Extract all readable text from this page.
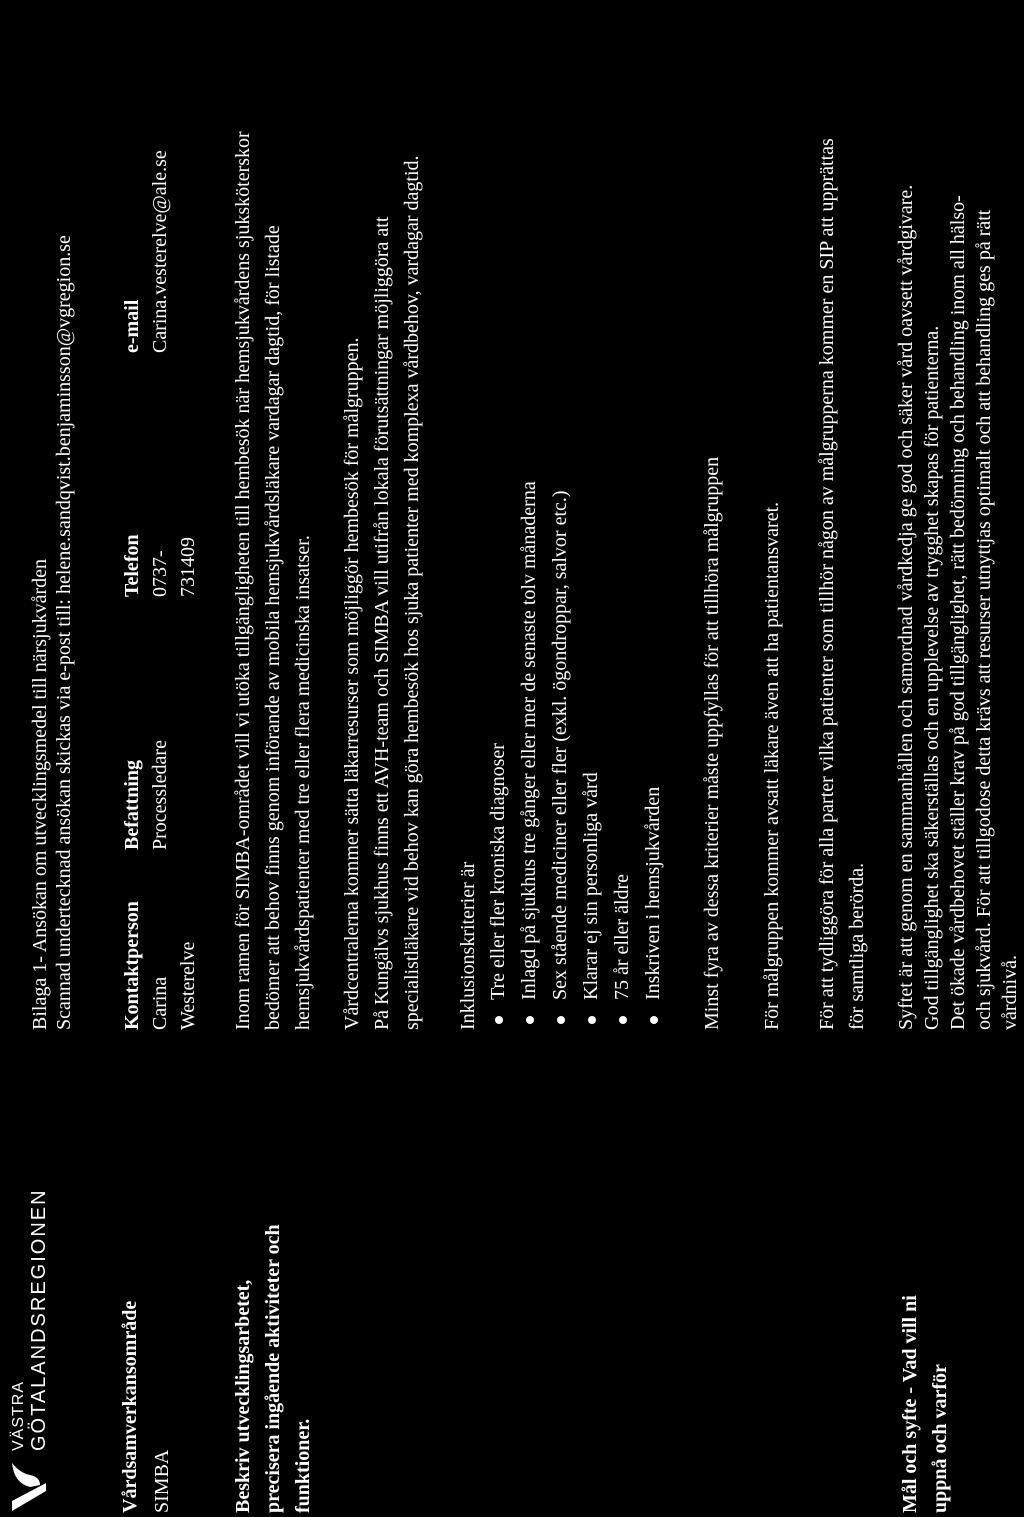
VÄSTRA GÖTALANDSREGIONEN
Bilaga 1- Ansökan om utvecklingsmedel till närsjukvården Scannad undertecknad ansökan skickas via e-post till: helene.sandqvist.benjaminsson@vgregion.se
Vårdsamverkansområde SIMBA
Kontaktperson Carina Westerelve
Befattning Processledare
Telefon 0737- 731409
e-mail Carina.vesterelve@ale.se
Beskriv utvecklingsarbetet, precisera ingående aktiviteter och funktioner.

Inom ramen för SIMBA-området vill vi utöka tillgängligheten till hembesök när hemsjukvårdens sjuksköterskor bedömer att behov finns genom införande av mobila hemsjukvårdsläkare vardagar dagtid, för listade hemsjukvårdspatienter med tre eller flera medicinska insatser. Vårdcentralerna kommer sätta läkarresurser som möjliggör hembesök för målgruppen. På Kungälvs sjukhus finns ett AVH-team och SIMBA vill utifrån lokala förutsättningar möjliggöra att specialistläkare vid behov kan göra hembesök hos sjuka patienter med komplexa vårdbehov, vardagar dagtid. Inklusionskriterier är Tre eller fler kroniska diagnoser Inlagd på sjukhus tre gånger eller mer de senaste tolv månaderna Sex stående mediciner eller fler (exkl. ögondroppar, salvor etc.) Klarar ej sin personliga vård 75 år eller äldre Inskriven i hemsjukvården Minst fyra av dessa kriterier måste uppfyllas för att tillhöra målgruppen För målgruppen kommer avsatt läkare även att ha patientansvaret. För att tydliggöra för alla parter vilka patienter som tillhör någon av målgrupperna kommer en SIP att upprättas för samtliga berörda.

Mål och syfte - Vad vill ni uppnå och varför

Syftet är att genom en sammanhållen och samordnad vårdkedja ge god och säker vård oavsett vårdgivare. God tillgänglighet ska säkerställas och en upplevelse av trygghet skapas för patienterna. Det ökade vårdbehovet ställer krav på god tillgänglighet, rätt bedömning och behandling inom all hälso- och sjukvård. För att tillgodose detta krävs att resurser utnyttjas optimalt och att behandling ges på rätt vårdnivå.
